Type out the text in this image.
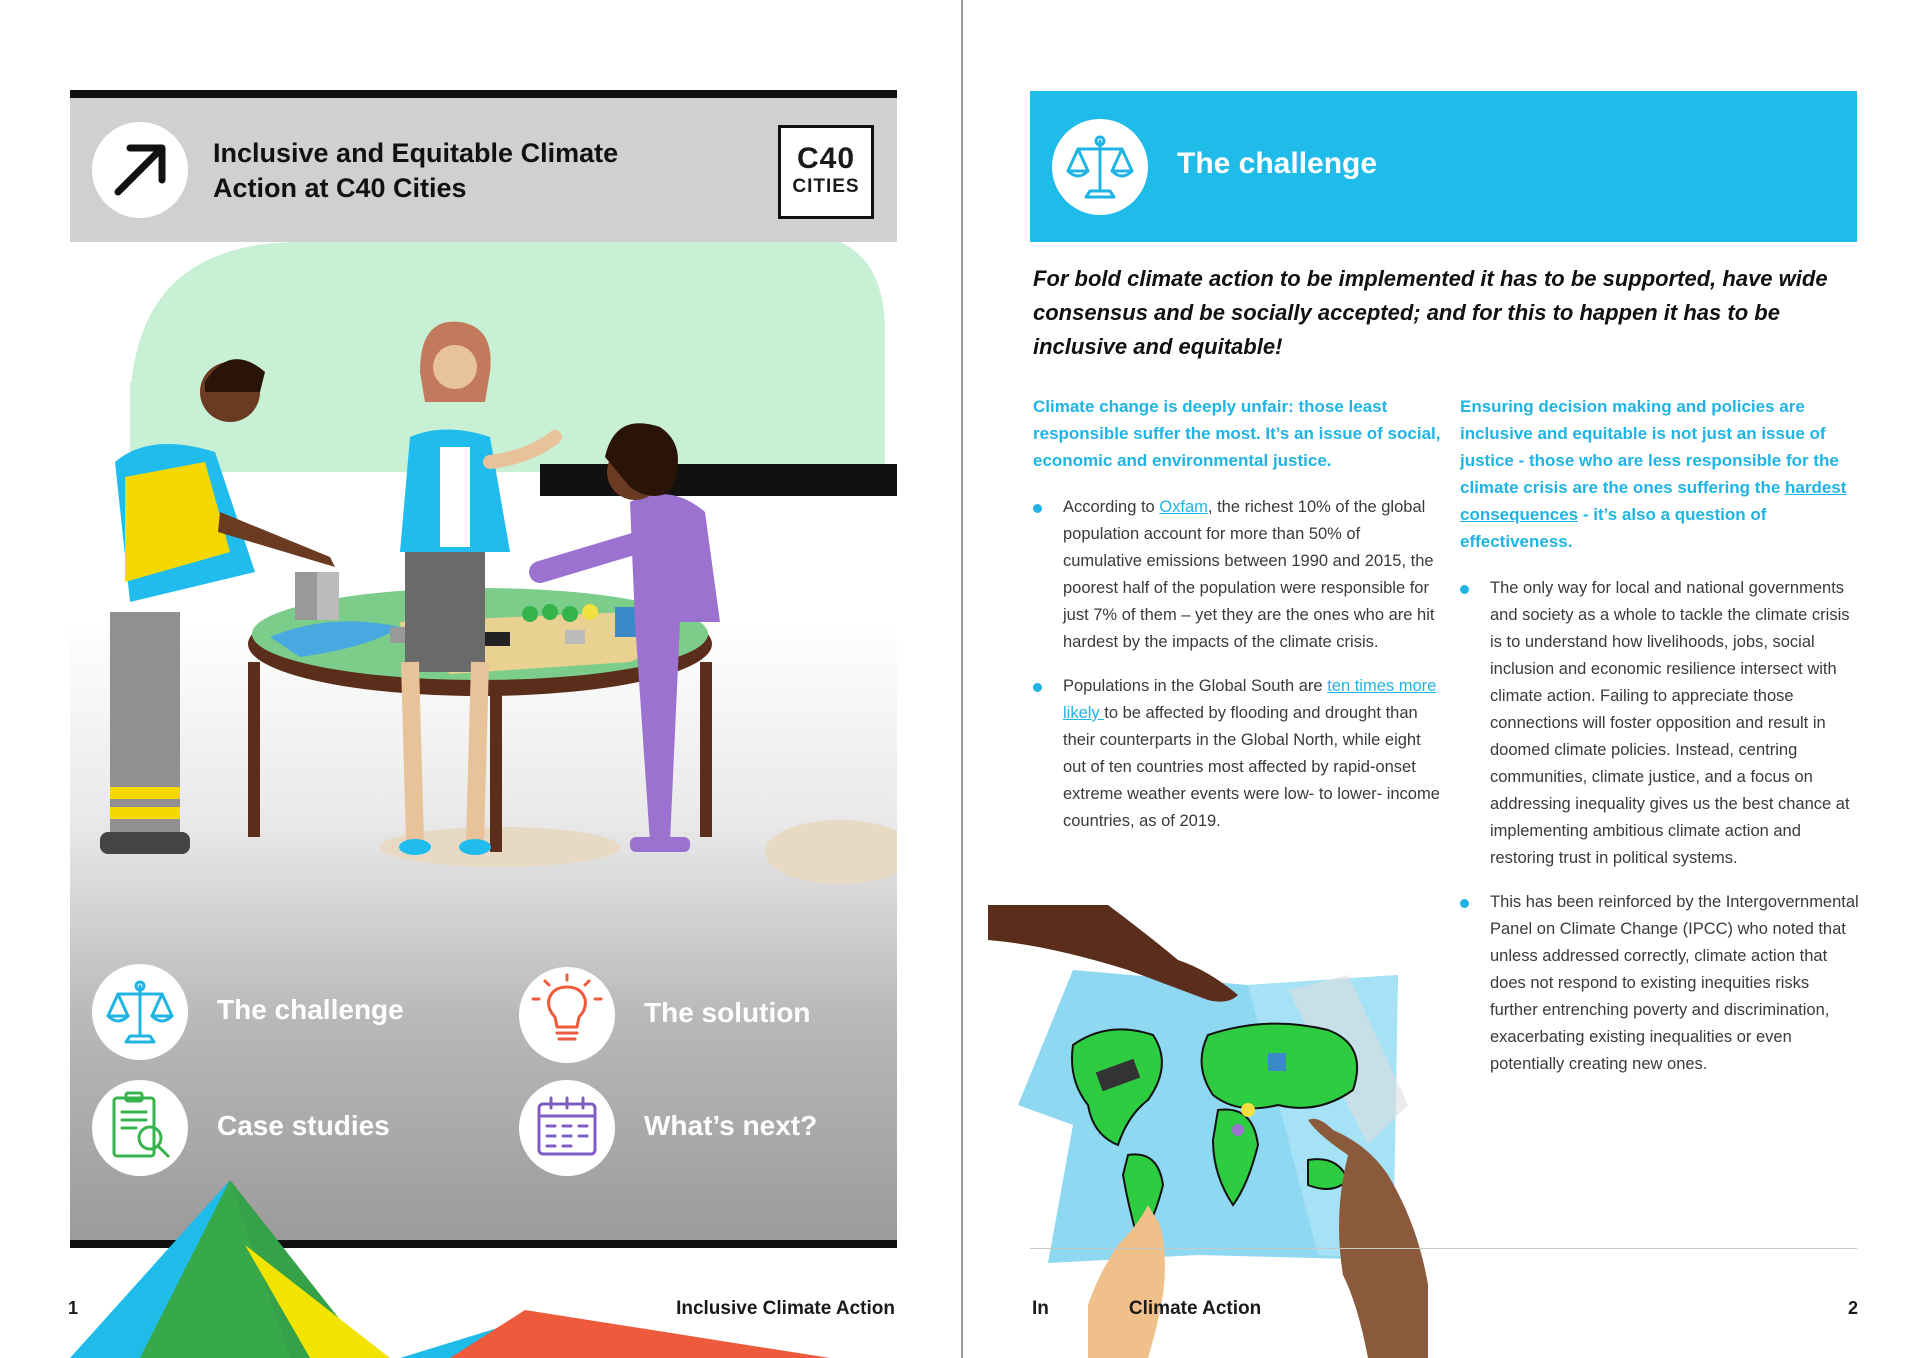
Inclusive and Equitable Climate
Action at C40 Cities
C40
CITIES
The challenge	The solution
Case studies	What’s next?
1	Inclusive Climate Action
The challenge
For bold climate action to be implemented it has to be supported, have wide consensus and be socially accepted; and for this to happen it has to be inclusive and equitable!
Climate change is deeply unfair: those least responsible suffer the most. It’s an issue of social, economic and environmental justice.
According to Oxfam, the richest 10% of the global population account for more than 50% of cumulative emissions between 1990 and 2015, the poorest half of the population were responsible for just 7% of them – yet they are the ones who are hit hardest by the impacts of the climate crisis.
Populations in the Global South are ten times more likely to be affected by flooding and drought than their counterparts in the Global North, while eight out of ten countries most affected by rapid-onset extreme weather events were low- to lower- income countries, as of 2019.
Ensuring decision making and policies are inclusive and equitable is not just an issue of justice - those who are less responsible for the climate crisis are the ones suffering the hardest consequences - it’s also a question of effectiveness.
The only way for local and national governments and society as a whole to tackle the climate crisis is to understand how livelihoods, jobs, social inclusion and economic resilience intersect with climate action. Failing to appreciate those connections will foster opposition and result in doomed climate policies. Instead, centring communities, climate justice, and a focus on addressing inequality gives us the best chance at implementing ambitious climate action and restoring trust in political systems.
This has been reinforced by the Intergovernmental Panel on Climate Change (IPCC) who noted that unless addressed correctly, climate action that does not respond to existing inequities risks further entrenching poverty and discrimination, exacerbating existing inequalities or even potentially creating new ones.
In	Climate Action	2
